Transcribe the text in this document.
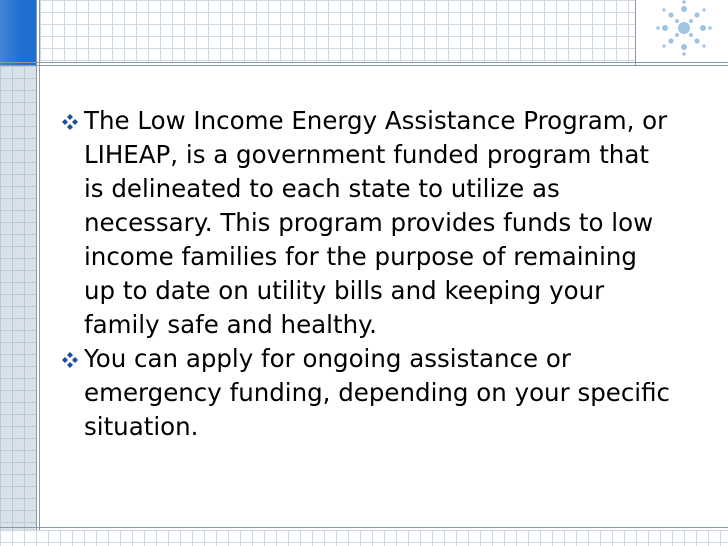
The Low Income Energy Assistance Program, or LIHEAP, is a government funded program that is delineated to each state to utilize as necessary. This program provides funds to low income families for the purpose of remaining up to date on utility bills and keeping your family safe and healthy.
You can apply for ongoing assistance or emergency funding, depending on your specific situation.
